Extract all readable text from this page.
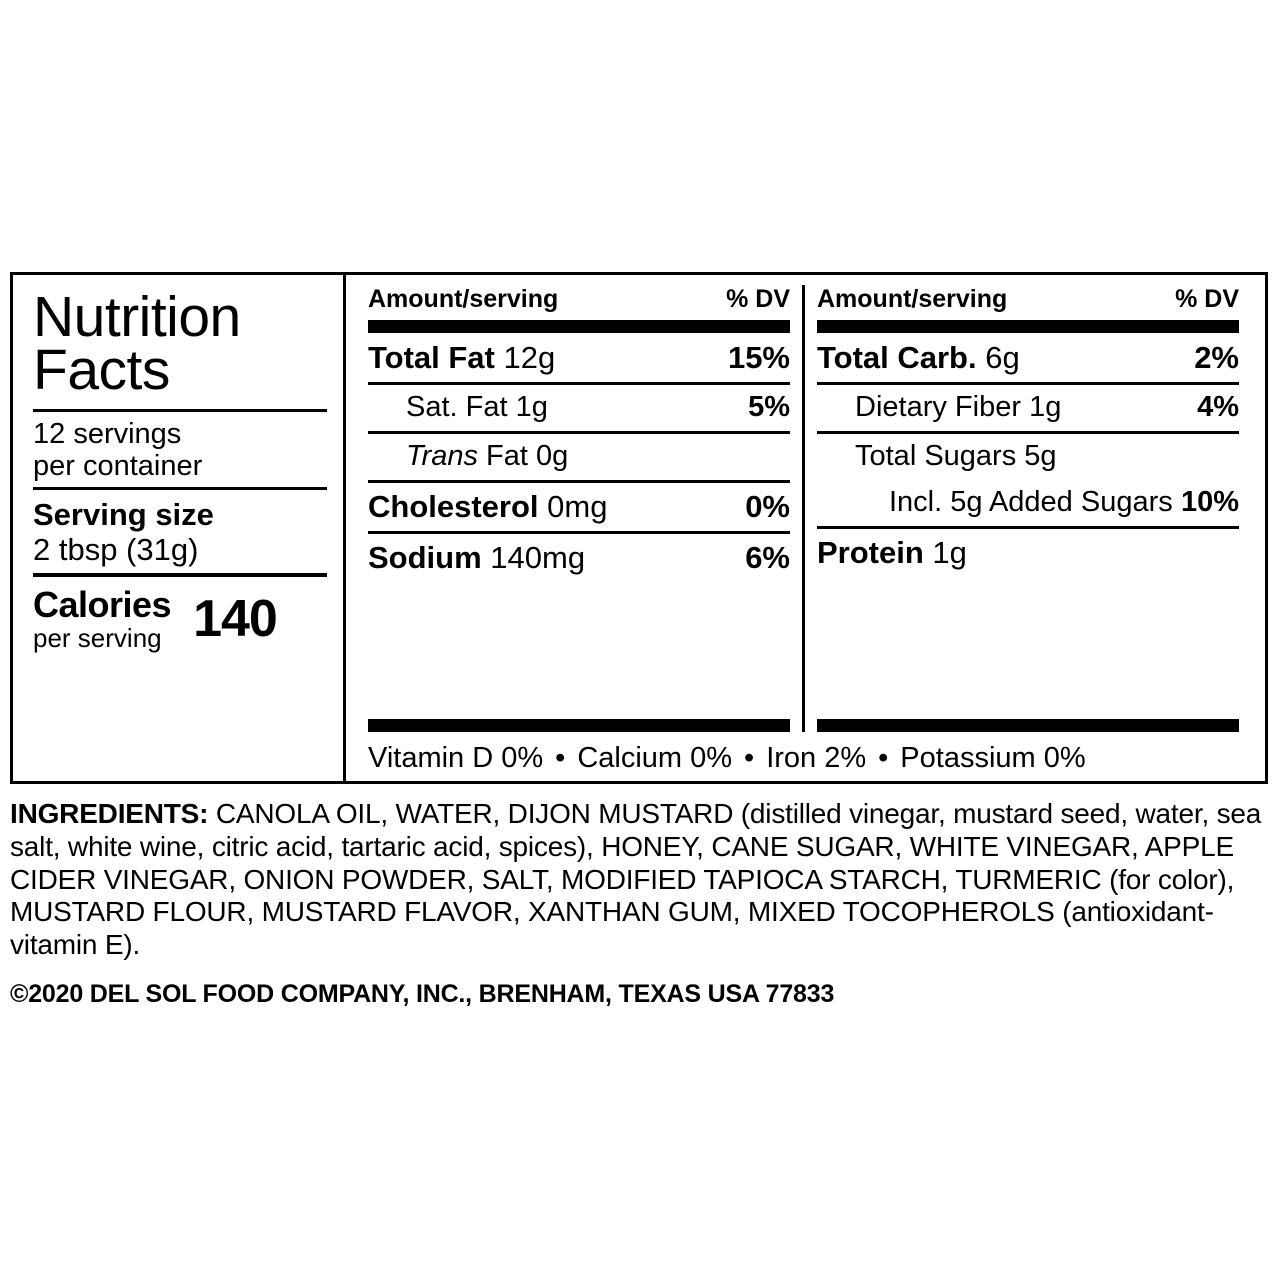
Nutrition
Facts
12 servings
per container
Serving size
2 tbsp (31g)
Calories
per serving 140
Amount/serving	% DV
Total Fat 12g	15%
Sat. Fat 1g	5%
Trans Fat 0g
Cholesterol 0mg	0%
Sodium 140mg	6%
Amount/serving	% DV
Total Carb. 6g	2%
Dietary Fiber 1g	4%
Total Sugars 5g
Incl. 5g Added Sugars 10%
Protein 1g
Vitamin D 0% • Calcium 0% • Iron 2% • Potassium 0%
INGREDIENTS: CANOLA OIL, WATER, DIJON MUSTARD (distilled vinegar, mustard seed, water, sea salt, white wine, citric acid, tartaric acid, spices), HONEY, CANE SUGAR, WHITE VINEGAR, APPLE CIDER VINEGAR, ONION POWDER, SALT, MODIFIED TAPIOCA STARCH, TURMERIC (for color), MUSTARD FLOUR, MUSTARD FLAVOR, XANTHAN GUM, MIXED TOCOPHEROLS (antioxidant-vitamin E).
©2020 DEL SOL FOOD COMPANY, INC., BRENHAM, TEXAS USA 77833
